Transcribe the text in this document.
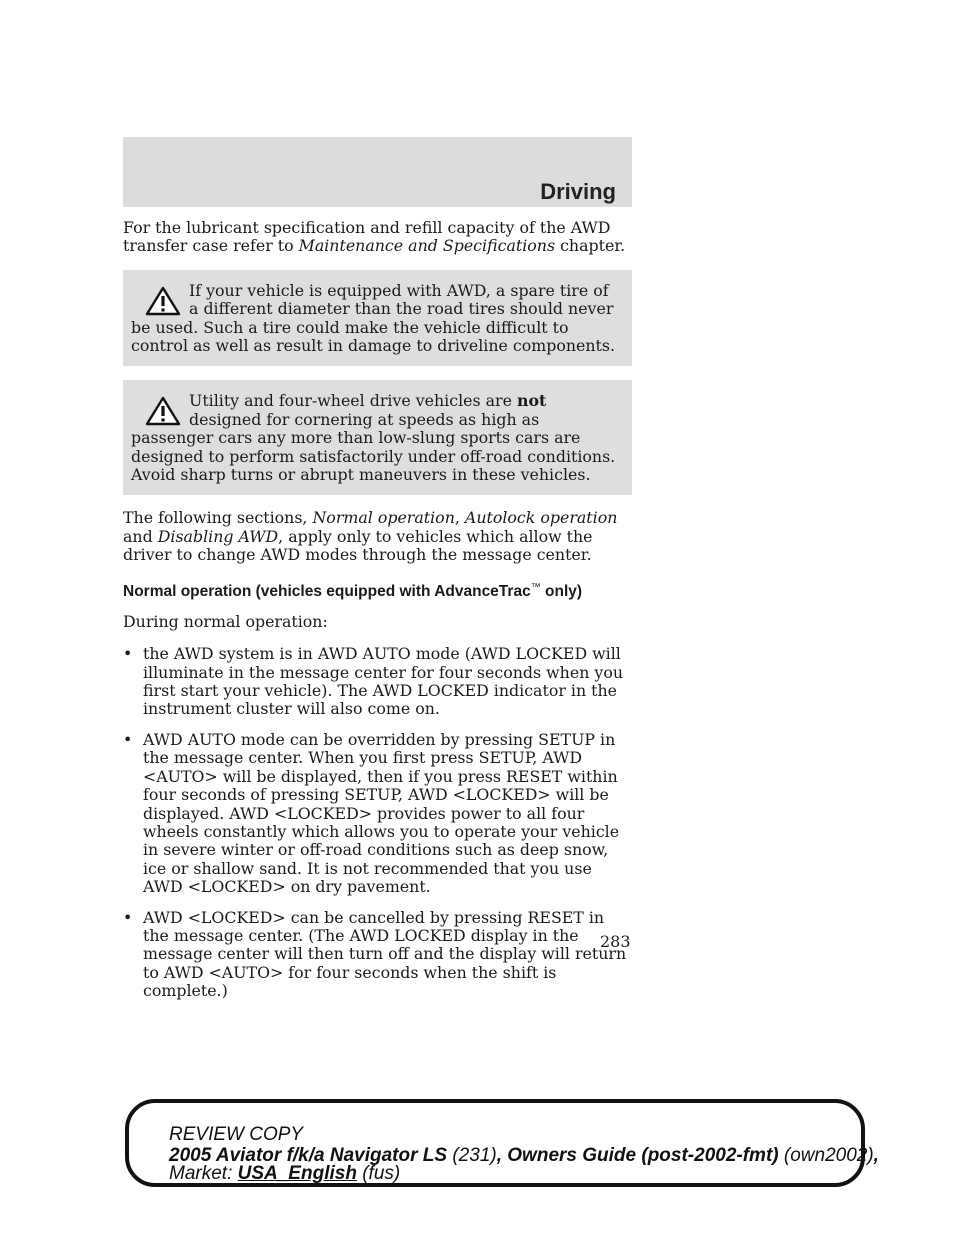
Driving

For the lubricant specification and refill capacity of the AWD transfer case refer to Maintenance and Specifications chapter.

If your vehicle is equipped with AWD, a spare tire of a different diameter than the road tires should never be used. Such a tire could make the vehicle difficult to control as well as result in damage to driveline components.

Utility and four-wheel drive vehicles are not designed for cornering at speeds as high as passenger cars any more than low-slung sports cars are designed to perform satisfactorily under off-road conditions. Avoid sharp turns or abrupt maneuvers in these vehicles.

The following sections, Normal operation, Autolock operation and Disabling AWD, apply only to vehicles which allow the driver to change AWD modes through the message center.

Normal operation (vehicles equipped with AdvanceTrac™ only)

During normal operation:

• the AWD system is in AWD AUTO mode (AWD LOCKED will illuminate in the message center for four seconds when you first start your vehicle). The AWD LOCKED indicator in the instrument cluster will also come on.
• AWD AUTO mode can be overridden by pressing SETUP in the message center. When you first press SETUP, AWD <AUTO> will be displayed, then if you press RESET within four seconds of pressing SETUP, AWD <LOCKED> will be displayed. AWD <LOCKED> provides power to all four wheels constantly which allows you to operate your vehicle in severe winter or off-road conditions such as deep snow, ice or shallow sand. It is not recommended that you use AWD <LOCKED> on dry pavement.
• AWD <LOCKED> can be cancelled by pressing RESET in the message center. (The AWD LOCKED display in the message center will then turn off and the display will return to AWD <AUTO> for four seconds when the shift is complete.)
283
REVIEW COPY
2005 Aviator f/k/a Navigator LS (231), Owners Guide (post-2002-fmt) (own2002),
Market: USA_English (fus)
